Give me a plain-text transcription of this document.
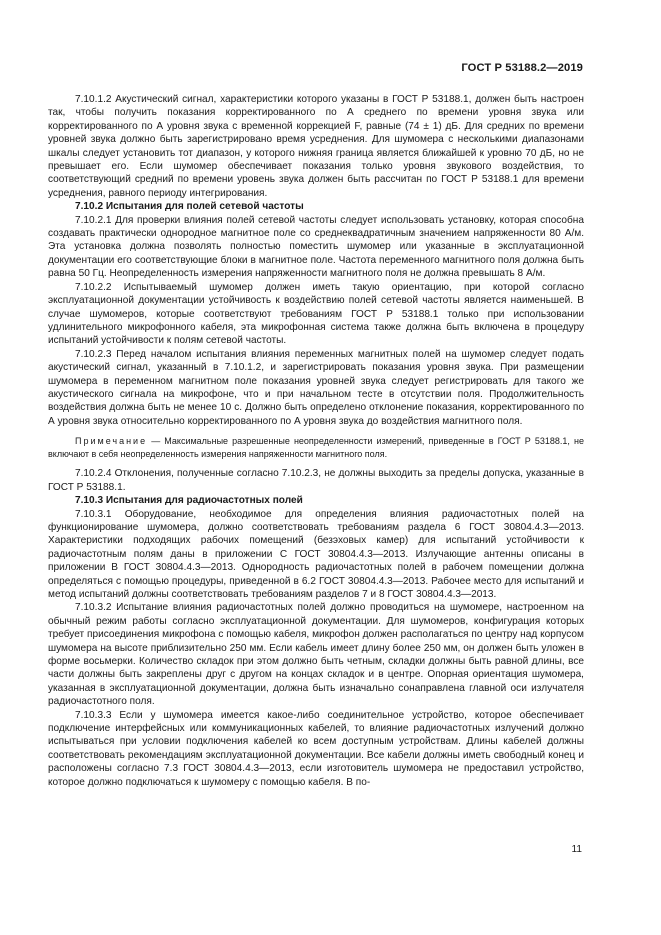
ГОСТ Р 53188.2—2019

7.10.1.2 Акустический сигнал, характеристики которого указаны в ГОСТ Р 53188.1, должен быть настроен так, чтобы получить показания корректированного по А среднего по времени уровня звука или корректированного по А уровня звука с временной коррекцией F, равные (74 ± 1) дБ. Для средних по времени уровней звука должно быть зарегистрировано время усреднения. Для шумомера с несколькими диапазонами шкалы следует установить тот диапазон, у которого нижняя граница является ближайшей к уровню 70 дБ, но не превышает его. Если шумомер обеспечивает показания только уровня звукового воздействия, то соответствующий средний по времени уровень звука должен быть рассчитан по ГОСТ Р 53188.1 для времени усреднения, равного периоду интегрирования.

7.10.2 Испытания для полей сетевой частоты

7.10.2.1 Для проверки влияния полей сетевой частоты следует использовать установку, которая способна создавать практически однородное магнитное поле со среднеквадратичным значением напряженности 80 А/м. Эта установка должна позволять полностью поместить шумомер или указанные в эксплуатационной документации его соответствующие блоки в магнитное поле. Частота переменного магнитного поля должна быть равна 50 Гц. Неопределенность измерения напряженности магнитного поля не должна превышать 8 А/м.

7.10.2.2 Испытываемый шумомер должен иметь такую ориентацию, при которой согласно эксплуатационной документации устойчивость к воздействию полей сетевой частоты является наименьшей. В случае шумомеров, которые соответствуют требованиям ГОСТ Р 53188.1 только при использовании удлинительного микрофонного кабеля, эта микрофонная система также должна быть включена в процедуру испытаний устойчивости к полям сетевой частоты.

7.10.2.3 Перед началом испытания влияния переменных магнитных полей на шумомер следует подать акустический сигнал, указанный в 7.10.1.2, и зарегистрировать показания уровня звука. При размещении шумомера в переменном магнитном поле показания уровней звука следует регистрировать для такого же акустического сигнала на микрофоне, что и при начальном тесте в отсутствии поля. Продолжительность воздействия должна быть не менее 10 с. Должно быть определено отклонение показания, корректированного по А уровня звука относительно корректированного по А уровня звука до воздействия магнитного поля.

Примечание — Максимальные разрешенные неопределенности измерений, приведенные в ГОСТ Р 53188.1, не включают в себя неопределенность измерения напряженности магнитного поля.

7.10.2.4 Отклонения, полученные согласно 7.10.2.3, не должны выходить за пределы допуска, указанные в ГОСТ Р 53188.1.

7.10.3 Испытания для радиочастотных полей

7.10.3.1 Оборудование, необходимое для определения влияния радиочастотных полей на функционирование шумомера, должно соответствовать требованиям раздела 6 ГОСТ 30804.4.3—2013. Характеристики подходящих рабочих помещений (безэховых камер) для испытаний устойчивости к радиочастотным полям даны в приложении С ГОСТ 30804.4.3—2013. Излучающие антенны описаны в приложении В ГОСТ 30804.4.3—2013. Однородность радиочастотных полей в рабочем помещении должна определяться с помощью процедуры, приведенной в 6.2 ГОСТ 30804.4.3—2013. Рабочее место для испытаний и метод испытаний должны соответствовать требованиям разделов 7 и 8 ГОСТ 30804.4.3—2013.

7.10.3.2 Испытание влияния радиочастотных полей должно проводиться на шумомере, настроенном на обычный режим работы согласно эксплуатационной документации. Для шумомеров, конфигурация которых требует присоединения микрофона с помощью кабеля, микрофон должен располагаться по центру над корпусом шумомера на высоте приблизительно 250 мм. Если кабель имеет длину более 250 мм, он должен быть уложен в форме восьмерки. Количество складок при этом должно быть четным, складки должны быть равной длины, все части должны быть закреплены друг с другом на концах складок и в центре. Опорная ориентация шумомера, указанная в эксплуатационной документации, должна быть изначально сонаправлена главной оси излучателя радиочастотного поля.

7.10.3.3 Если у шумомера имеется какое-либо соединительное устройство, которое обеспечивает подключение интерфейсных или коммуникационных кабелей, то влияние радиочастотных излучений должно испытываться при условии подключения кабелей ко всем доступным устройствам. Длины кабелей должны соответствовать рекомендациям эксплуатационной документации. Все кабели должны иметь свободный конец и расположены согласно 7.3 ГОСТ 30804.4.3—2013, если изготовитель шумомера не предоставил устройство, которое должно подключаться к шумомеру с помощью кабеля. В по-

11
